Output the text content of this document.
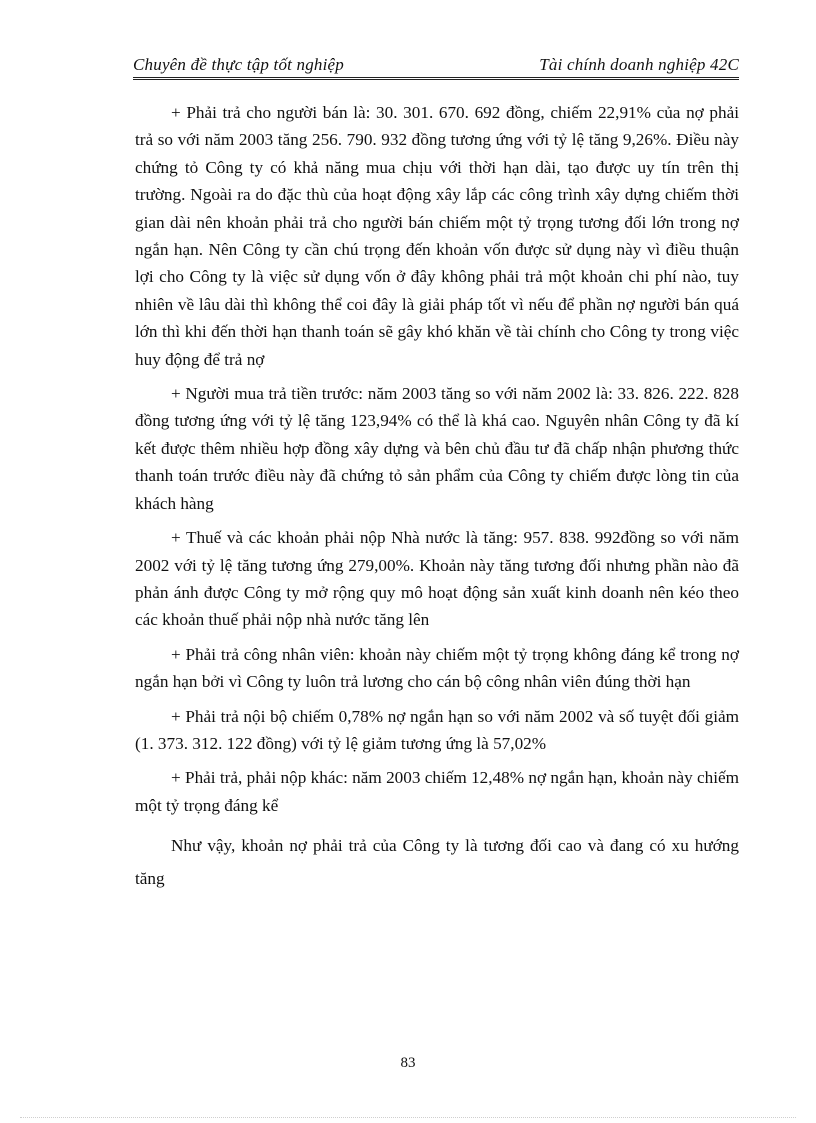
Chuyên đề thực tập tốt nghiệp	Tài chính doanh nghiệp 42C

+ Phải trả cho người bán là: 30. 301. 670. 692 đồng, chiếm 22,91% của nợ phải trả so với năm 2003 tăng 256. 790. 932 đồng tương ứng với tỷ lệ tăng 9,26%. Điều này chứng tỏ Công ty có khả năng mua chịu với thời hạn dài, tạo được uy tín trên thị trường. Ngoài ra do đặc thù của hoạt động xây lắp các công trình xây dựng chiếm thời gian dài nên khoản phải trả cho người bán chiếm một tỷ trọng tương đối lớn trong nợ ngắn hạn. Nên Công ty cần chú trọng đến khoản vốn được sử dụng này vì điều thuận lợi cho Công ty là việc sử dụng vốn ở đây không phải trả một khoản chi phí nào, tuy nhiên về lâu dài thì không thể coi đây là giải pháp tốt vì nếu để phần nợ người bán quá lớn thì khi đến thời hạn thanh toán sẽ gây khó khăn về tài chính cho Công ty trong việc huy động để trả nợ

+ Người mua trả tiền trước: năm 2003 tăng so với năm 2002 là: 33. 826. 222. 828 đồng tương ứng với tỷ lệ tăng 123,94% có thể là khá cao. Nguyên nhân Công ty đã kí kết được thêm nhiều hợp đồng xây dựng và bên chủ đầu tư đã chấp nhận phương thức thanh toán trước điều này đã chứng tỏ sản phẩm của Công ty chiếm được lòng tin của khách hàng

+ Thuế và các khoản phải nộp Nhà nước là tăng: 957. 838. 992đồng so với năm 2002 với tỷ lệ tăng tương ứng 279,00%. Khoản này tăng tương đối nhưng phần nào đã phản ánh được Công ty mở rộng quy mô hoạt động sản xuất kinh doanh nên kéo theo các khoản thuế phải nộp nhà nước tăng lên

+ Phải trả công nhân viên: khoản này chiếm một tỷ trọng không đáng kể trong nợ ngắn hạn bởi vì Công ty luôn trả lương cho cán bộ công nhân viên đúng thời hạn

+ Phải trả nội bộ chiếm 0,78% nợ ngắn hạn so với năm 2002 và số tuyệt đối giảm (1. 373. 312. 122 đồng) với tỷ lệ giảm tương ứng là 57,02%

+ Phải trả, phải nộp khác: năm 2003 chiếm 12,48% nợ ngắn hạn, khoản này chiếm một tỷ trọng đáng kể

Như vậy, khoản nợ phải trả của Công ty là tương đối cao và đang có xu hướng tăng

83
